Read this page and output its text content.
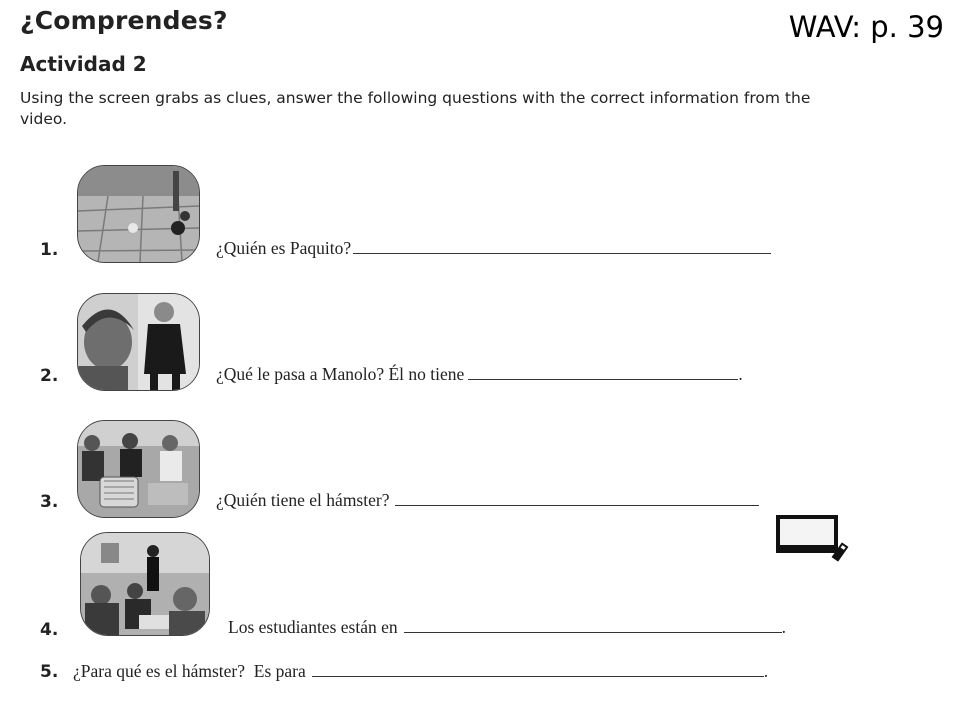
¿Comprendes?	WAV: p. 39
Actividad 2
Using the screen grabs as clues, answer the following questions with the correct information from the video.
1.	¿Quién es Paquito?
2.	¿Qué le pasa a Manolo? Él no tiene	.
3.	¿Quién tiene el hámster?
4.	Los estudiantes están en	.
5. ¿Para qué es el hámster?  Es para	.
